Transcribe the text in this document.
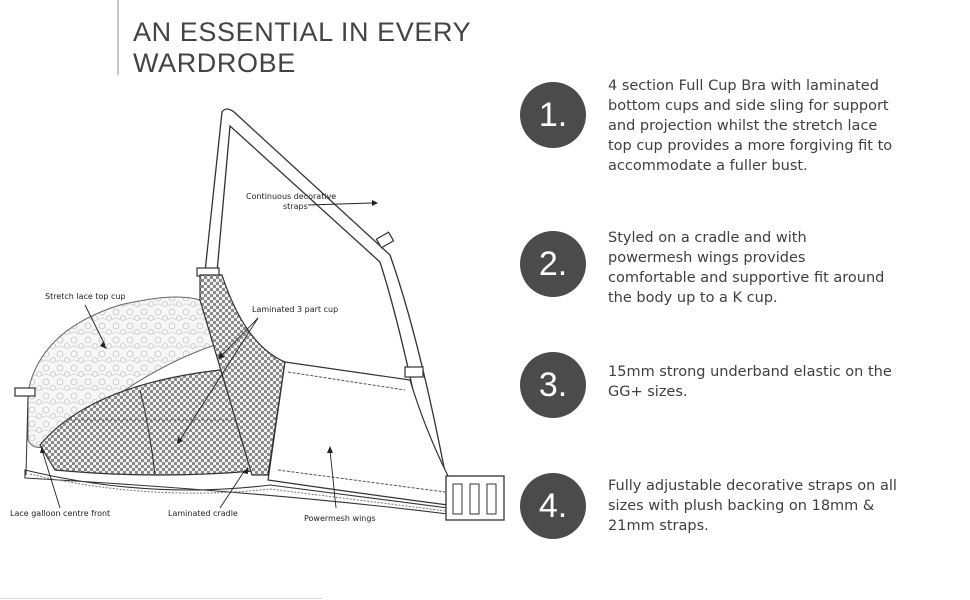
AN ESSENTIAL IN EVERY
WARDROBE
Continuous decorative
straps
Stretch lace top cup
Laminated 3 part cup
Lace galloon centre front	Laminated cradle
Powermesh wings
1.

4 section Full Cup Bra with laminated
bottom cups and side sling for support
and projection whilst the stretch lace
top cup provides a more forgiving fit to
accommodate a fuller bust.

2.

Styled on a cradle and with
powermesh wings provides
comfortable and supportive fit around
the body up to a K cup.

3.	15mm strong underband elastic on the
GG+ sizes.

4.

Fully adjustable decorative straps on all
sizes with plush backing on 18mm &
21mm straps.
